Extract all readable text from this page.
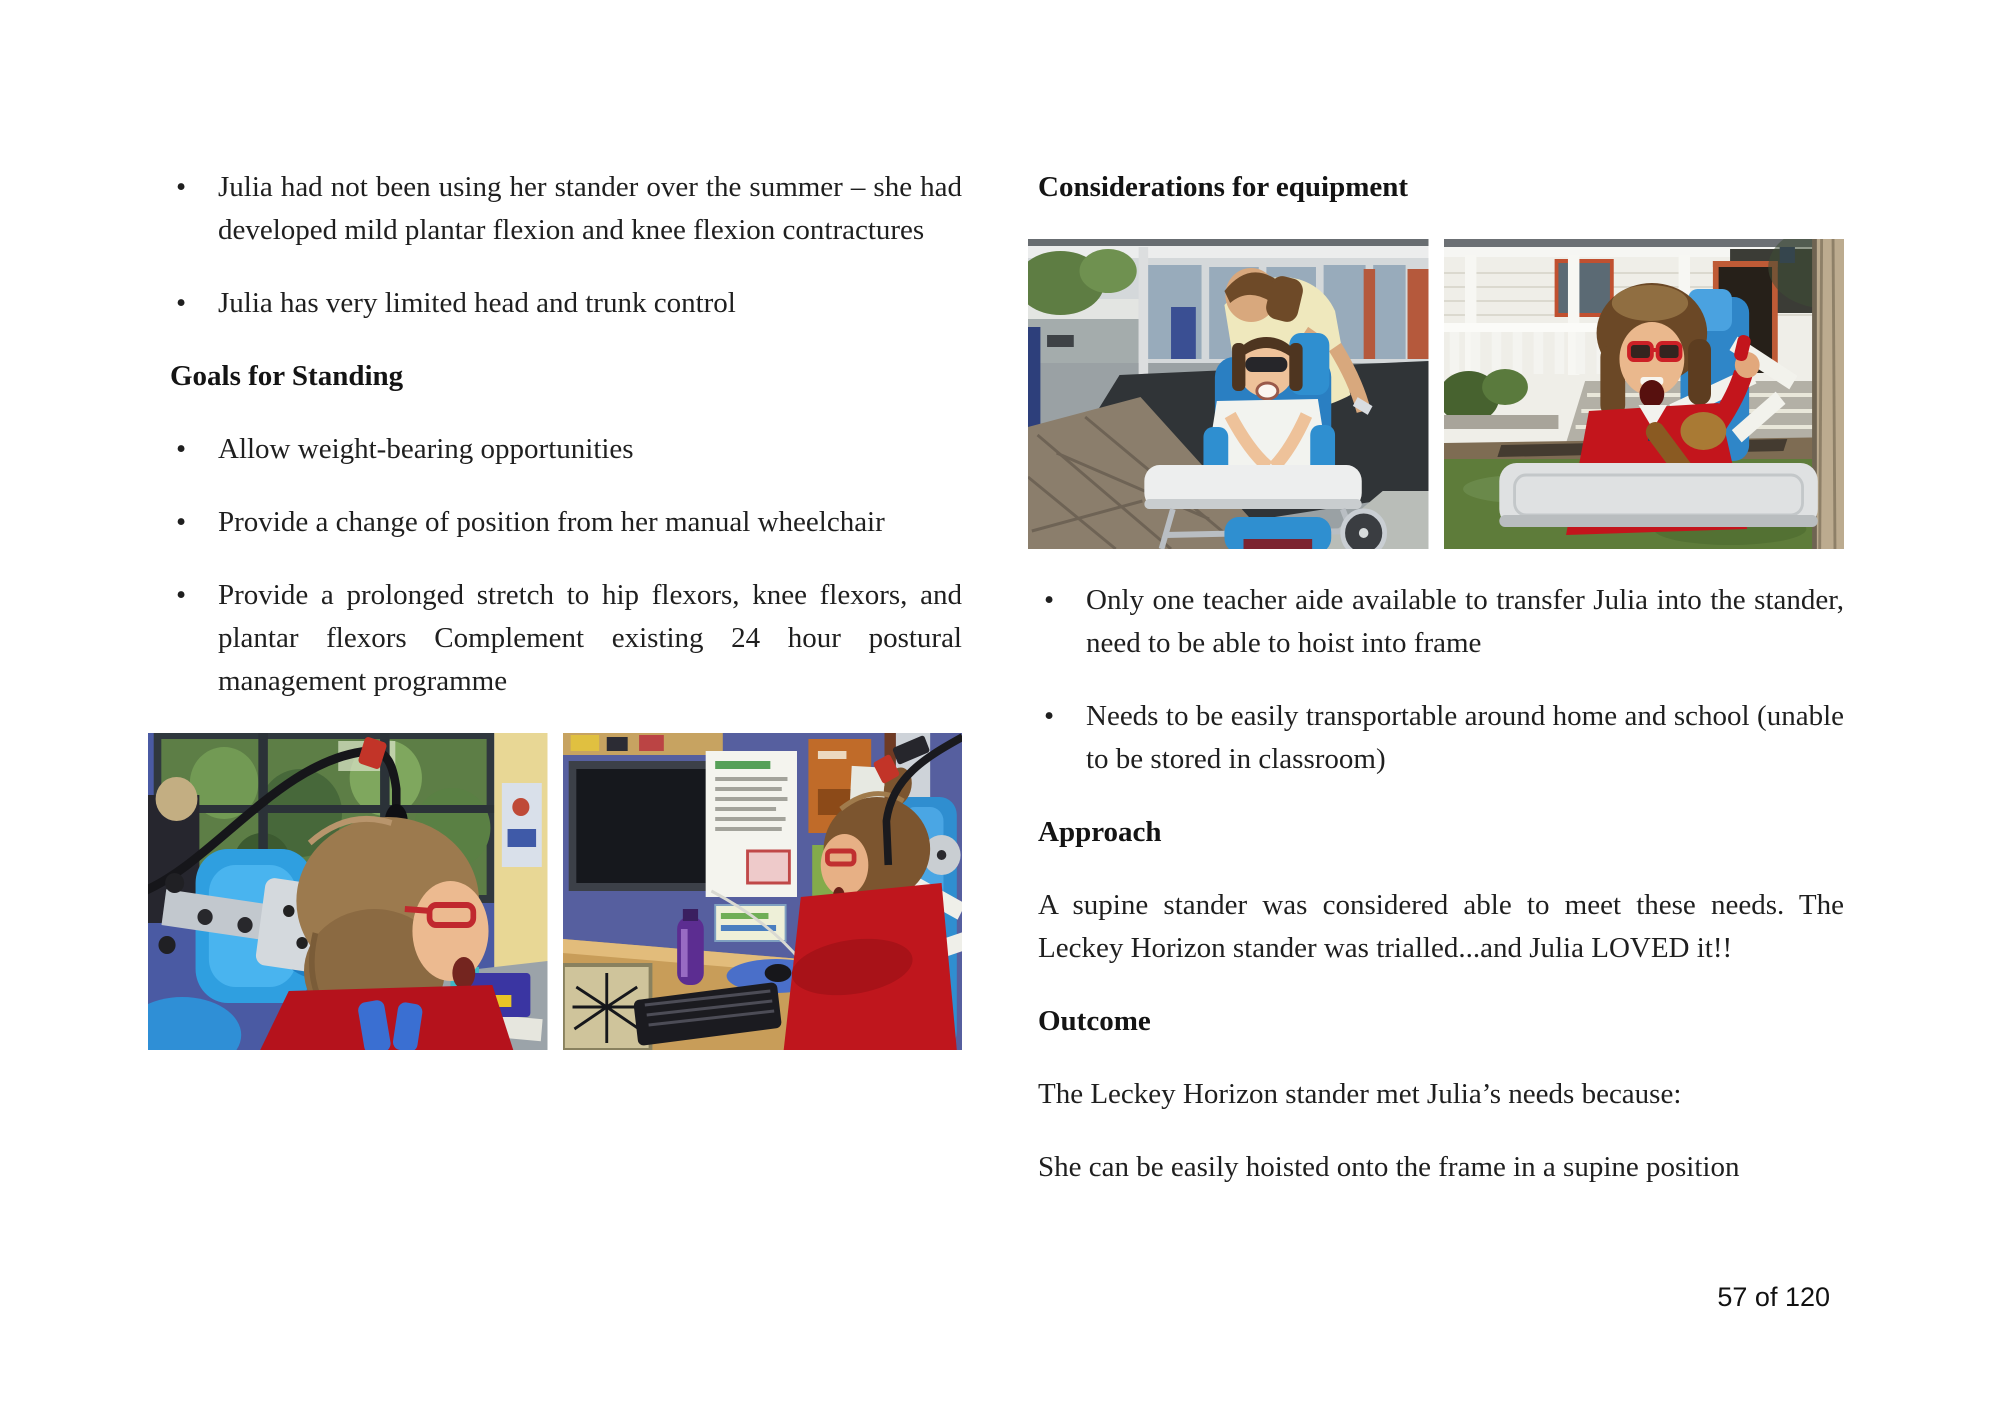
• Julia had not been using her stander over the summer – she had developed mild plantar flexion and knee flexion contractures
• Julia has very limited head and trunk control
Goals for Standing
• Allow weight-bearing opportunities
• Provide a change of position from her manual wheelchair
• Provide a prolonged stretch to hip flexors, knee flexors, and plantar flexors Complement existing 24 hour postural management programme
Considerations for equipment
• Only one teacher aide available to transfer Julia into the stander, need to be able to hoist into frame
• Needs to be easily transportable around home and school (unable to be stored in classroom)
Approach

A supine stander was considered able to meet these needs. The Leckey Horizon stander was trialled...and Julia LOVED it!!

Outcome

The Leckey Horizon stander met Julia’s needs because:

She can be easily hoisted onto the frame in a supine position

57 of 120
